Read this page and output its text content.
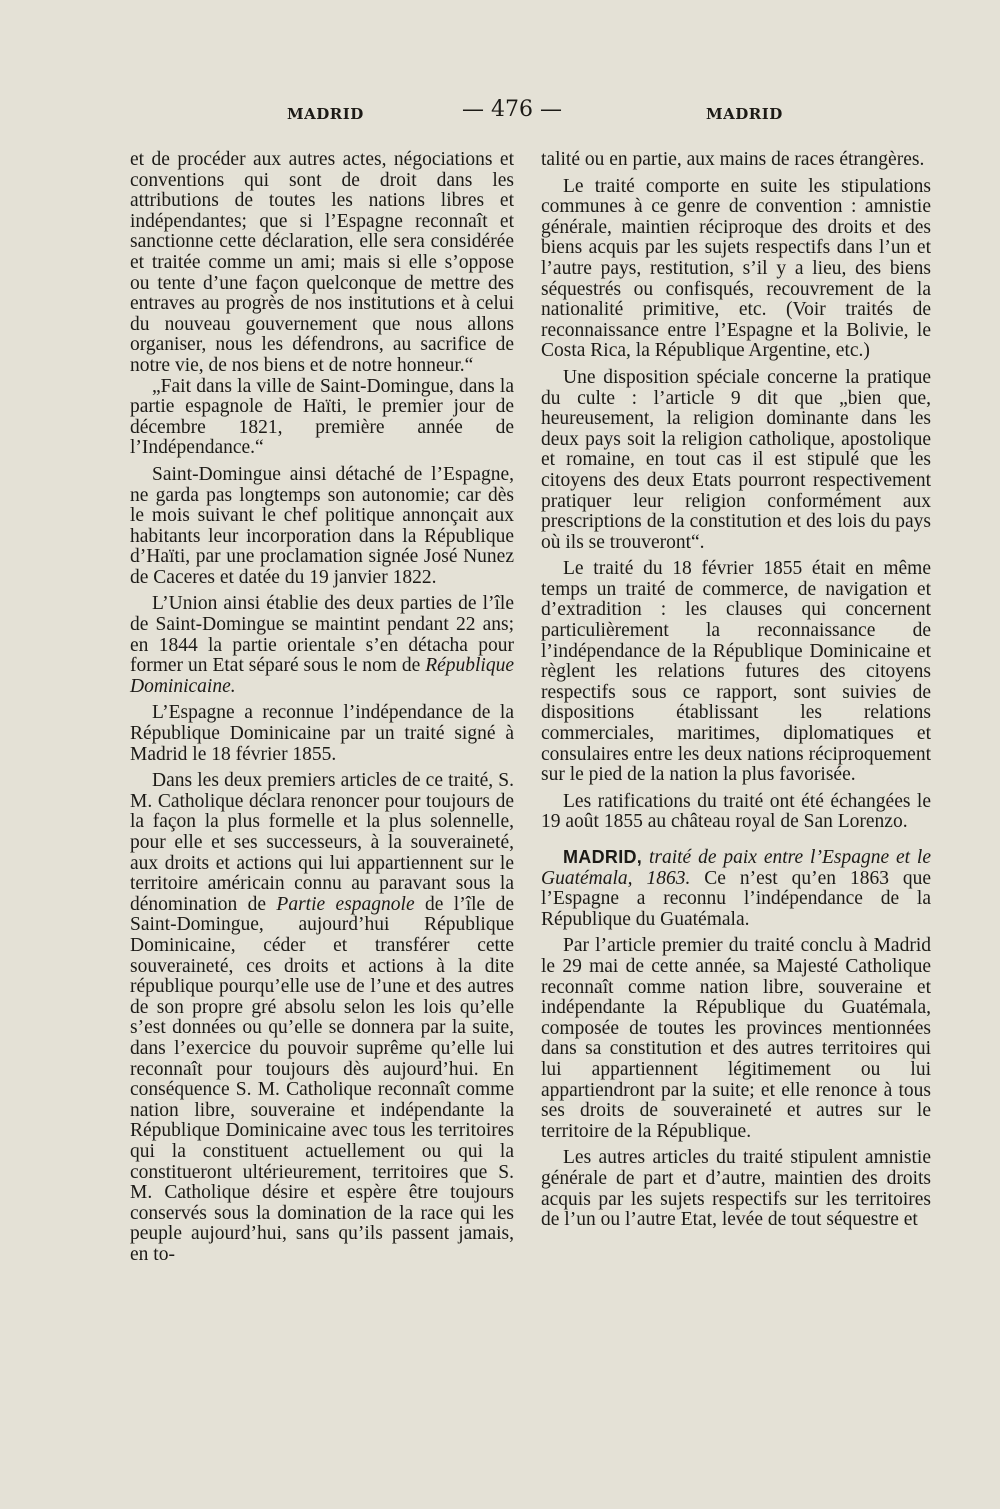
MADRID	— 476 —	MADRID

et de procéder aux autres actes, négociations et conventions qui sont de droit dans les attributions de toutes les nations libres et indépendantes; que si l’Espagne reconnaît et sanctionne cette déclaration, elle sera considérée et traitée comme un ami; mais si elle s’oppose ou tente d’une façon quelconque de mettre des entraves au progrès de nos institutions et à celui du nouveau gouvernement que nous allons organiser, nous les défendrons, au sacrifice de notre vie, de nos biens et de notre honneur.“

„Fait dans la ville de Saint-Domingue, dans la partie espagnole de Haïti, le premier jour de décembre 1821, première année de l’Indépendance.“

Saint-Domingue ainsi détaché de l’Espagne, ne garda pas longtemps son autonomie; car dès le mois suivant le chef politique annonçait aux habitants leur incorporation dans la République d’Haïti, par une proclamation signée José Nunez de Caceres et datée du 19 janvier 1822.

L’Union ainsi établie des deux parties de l’île de Saint-Domingue se maintint pendant 22 ans; en 1844 la partie orientale s’en détacha pour former un Etat séparé sous le nom de République Dominicaine.

L’Espagne a reconnue l’indépendance de la République Dominicaine par un traité signé à Madrid le 18 février 1855.

Dans les deux premiers articles de ce traité, S. M. Catholique déclara renoncer pour toujours de la façon la plus formelle et la plus solennelle, pour elle et ses successeurs, à la souveraineté, aux droits et actions qui lui appartiennent sur le territoire américain connu au paravant sous la dénomination de Partie espagnole de l’île de Saint-Domingue, aujourd’hui République Dominicaine, céder et transférer cette souveraineté, ces droits et actions à la dite république pourqu’elle use de l’une et des autres de son propre gré absolu selon les lois qu’elle s’est données ou qu’elle se donnera par la suite, dans l’exercice du pouvoir suprême qu’elle lui reconnaît pour toujours dès aujourd’hui. En conséquence S. M. Catholique reconnaît comme nation libre, souveraine et indépendante la République Dominicaine avec tous les territoires qui la constituent actuellement ou qui la constitueront ultérieurement, territoires que S. M. Catholique désire et espère être toujours conservés sous la domination de la race qui les peuple aujourd’hui, sans qu’ils passent jamais, en to-

talité ou en partie, aux mains de races étrangères.

Le traité comporte en suite les stipulations communes à ce genre de convention : amnistie générale, maintien réciproque des droits et des biens acquis par les sujets respectifs dans l’un et l’autre pays, restitution, s’il y a lieu, des biens séquestrés ou confisqués, recouvrement de la nationalité primitive, etc. (Voir traités de reconnaissance entre l’Espagne et la Bolivie, le Costa Rica, la République Argentine, etc.)

Une disposition spéciale concerne la pratique du culte : l’article 9 dit que „bien que, heureusement, la religion dominante dans les deux pays soit la religion catholique, apostolique et romaine, en tout cas il est stipulé que les citoyens des deux Etats pourront respectivement pratiquer leur religion conformément aux prescriptions de la constitution et des lois du pays où ils se trouveront“.

Le traité du 18 février 1855 était en même temps un traité de commerce, de navigation et d’extradition : les clauses qui concernent particulièrement la reconnaissance de l’indépendance de la République Dominicaine et règlent les relations futures des citoyens respectifs sous ce rapport, sont suivies de dispositions établissant les relations commerciales, maritimes, diplomatiques et consulaires entre les deux nations réciproquement sur le pied de la nation la plus favorisée.

Les ratifications du traité ont été échangées le 19 août 1855 au château royal de San Lorenzo.

MADRID, traité de paix entre l’Espagne et le Guatémala, 1863. Ce n’est qu’en 1863 que l’Espagne a reconnu l’indépendance de la République du Guatémala.

Par l’article premier du traité conclu à Madrid le 29 mai de cette année, sa Majesté Catholique reconnaît comme nation libre, souveraine et indépendante la République du Guatémala, composée de toutes les provinces mentionnées dans sa constitution et des autres territoires qui lui appartiennent légitimement ou lui appartiendront par la suite; et elle renonce à tous ses droits de souveraineté et autres sur le territoire de la République.

Les autres articles du traité stipulent amnistie générale de part et d’autre, maintien des droits acquis par les sujets respectifs sur les territoires de l’un ou l’autre Etat, levée de tout séquestre et
